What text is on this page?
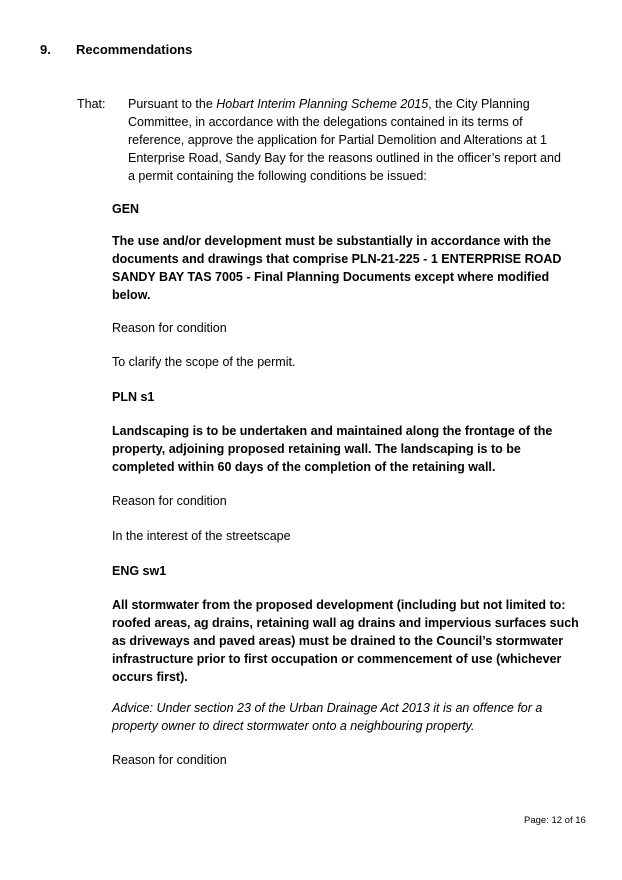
9. Recommendations
That: Pursuant to the Hobart Interim Planning Scheme 2015, the City Planning Committee, in accordance with the delegations contained in its terms of reference, approve the application for Partial Demolition and Alterations at 1 Enterprise Road, Sandy Bay for the reasons outlined in the officer’s report and a permit containing the following conditions be issued:
GEN
The use and/or development must be substantially in accordance with the documents and drawings that comprise PLN-21-225 - 1 ENTERPRISE ROAD SANDY BAY TAS 7005 - Final Planning Documents except where modified below.
Reason for condition
To clarify the scope of the permit.
PLN s1
Landscaping is to be undertaken and maintained along the frontage of the property, adjoining proposed retaining wall. The landscaping is to be completed within 60 days of the completion of the retaining wall.
Reason for condition
In the interest of the streetscape
ENG sw1
All stormwater from the proposed development (including but not limited to: roofed areas, ag drains, retaining wall ag drains and impervious surfaces such as driveways and paved areas) must be drained to the Council’s stormwater infrastructure prior to first occupation or commencement of use (whichever occurs first).
Advice: Under section 23 of the Urban Drainage Act 2013 it is an offence for a property owner to direct stormwater onto a neighbouring property.
Reason for condition
Page: 12 of 16
